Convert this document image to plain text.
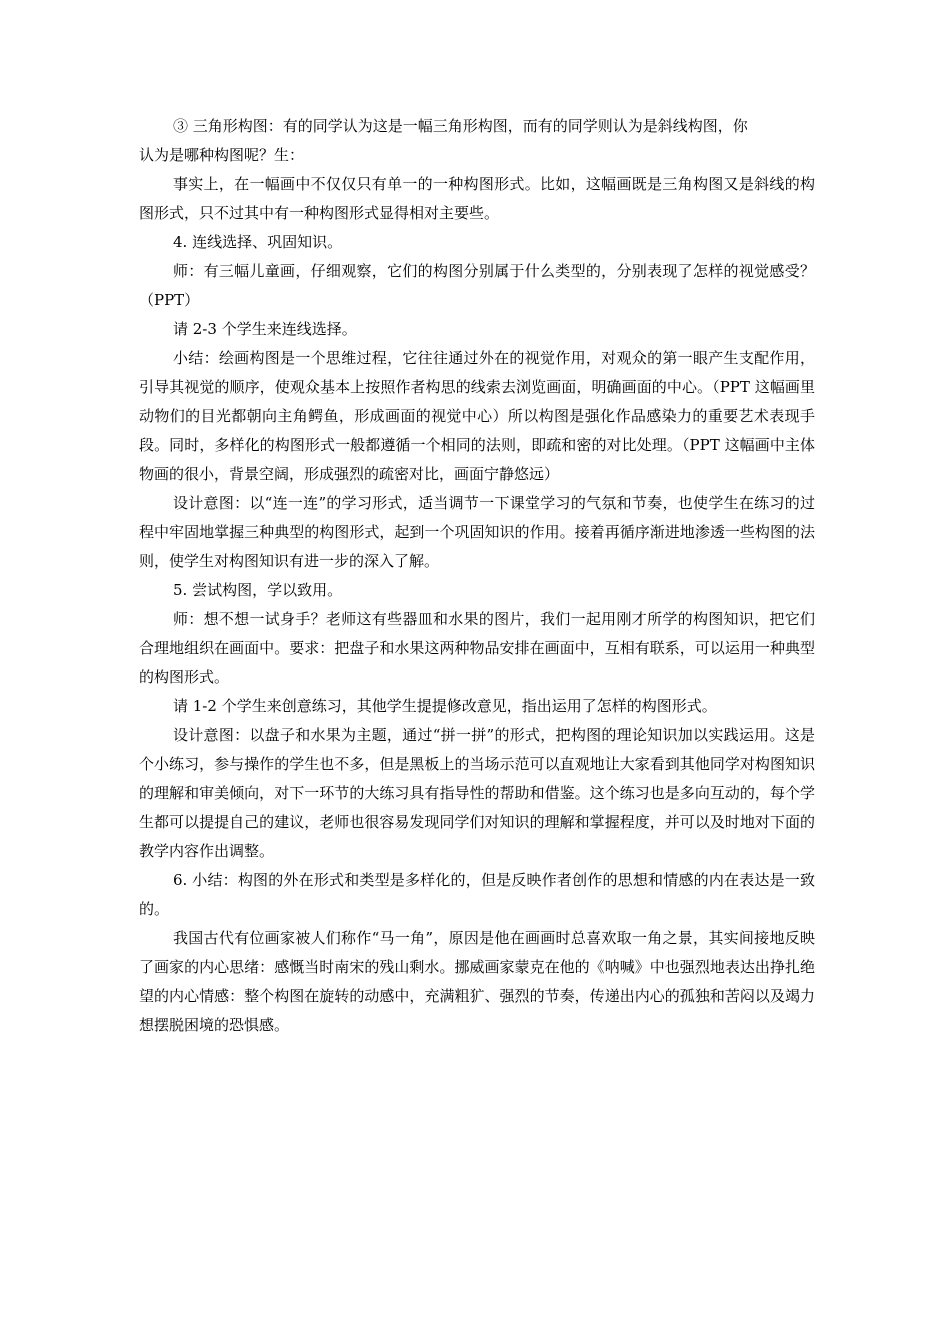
③ 三角形构图：有的同学认为这是一幅三角形构图，而有的同学则认为是斜线构图，你

认为是哪种构图呢？生：

事实上，在一幅画中不仅仅只有单一的一种构图形式。比如，这幅画既是三角构图又是斜线的构图形式，只不过其中有一种构图形式显得相对主要些。

4. 连线选择、巩固知识。

师：有三幅儿童画，仔细观察，它们的构图分别属于什么类型的，分别表现了怎样的视觉感受？（PPT）

请 2-3 个学生来连线选择。

小结：绘画构图是一个思维过程，它往往通过外在的视觉作用，对观众的第一眼产生支配作用，引导其视觉的顺序，使观众基本上按照作者构思的线索去浏览画面，明确画面的中心。（PPT 这幅画里动物们的目光都朝向主角鳄鱼，形成画面的视觉中心）所以构图是强化作品感染力的重要艺术表现手段。同时，多样化的构图形式一般都遵循一个相同的法则，即疏和密的对比处理。（PPT 这幅画中主体物画的很小，背景空阔，形成强烈的疏密对比，画面宁静悠远）

设计意图：以“连一连”的学习形式，适当调节一下课堂学习的气氛和节奏，也使学生在练习的过程中牢固地掌握三种典型的构图形式，起到一个巩固知识的作用。接着再循序渐进地渗透一些构图的法则，使学生对构图知识有进一步的深入了解。

5. 尝试构图，学以致用。

师：想不想一试身手？老师这有些器皿和水果的图片，我们一起用刚才所学的构图知识，把它们合理地组织在画面中。要求：把盘子和水果这两种物品安排在画面中，互相有联系，可以运用一种典型的构图形式。

请 1-2 个学生来创意练习，其他学生提提修改意见，指出运用了怎样的构图形式。

设计意图：以盘子和水果为主题，通过“拼一拼”的形式，把构图的理论知识加以实践运用。这是个小练习，参与操作的学生也不多，但是黑板上的当场示范可以直观地让大家看到其他同学对构图知识的理解和审美倾向，对下一环节的大练习具有指导性的帮助和借鉴。这个练习也是多向互动的，每个学生都可以提提自己的建议，老师也很容易发现同学们对知识的理解和掌握程度，并可以及时地对下面的教学内容作出调整。

6. 小结：构图的外在形式和类型是多样化的，但是反映作者创作的思想和情感的内在表达是一致的。

我国古代有位画家被人们称作“马一角”，原因是他在画画时总喜欢取一角之景，其实间接地反映了画家的内心思绪：感慨当时南宋的残山剩水。挪威画家蒙克在他的《呐喊》中也强烈地表达出挣扎绝望的内心情感：整个构图在旋转的动感中，充满粗犷、强烈的节奏，传递出内心的孤独和苦闷以及竭力想摆脱困境的恐惧感。
